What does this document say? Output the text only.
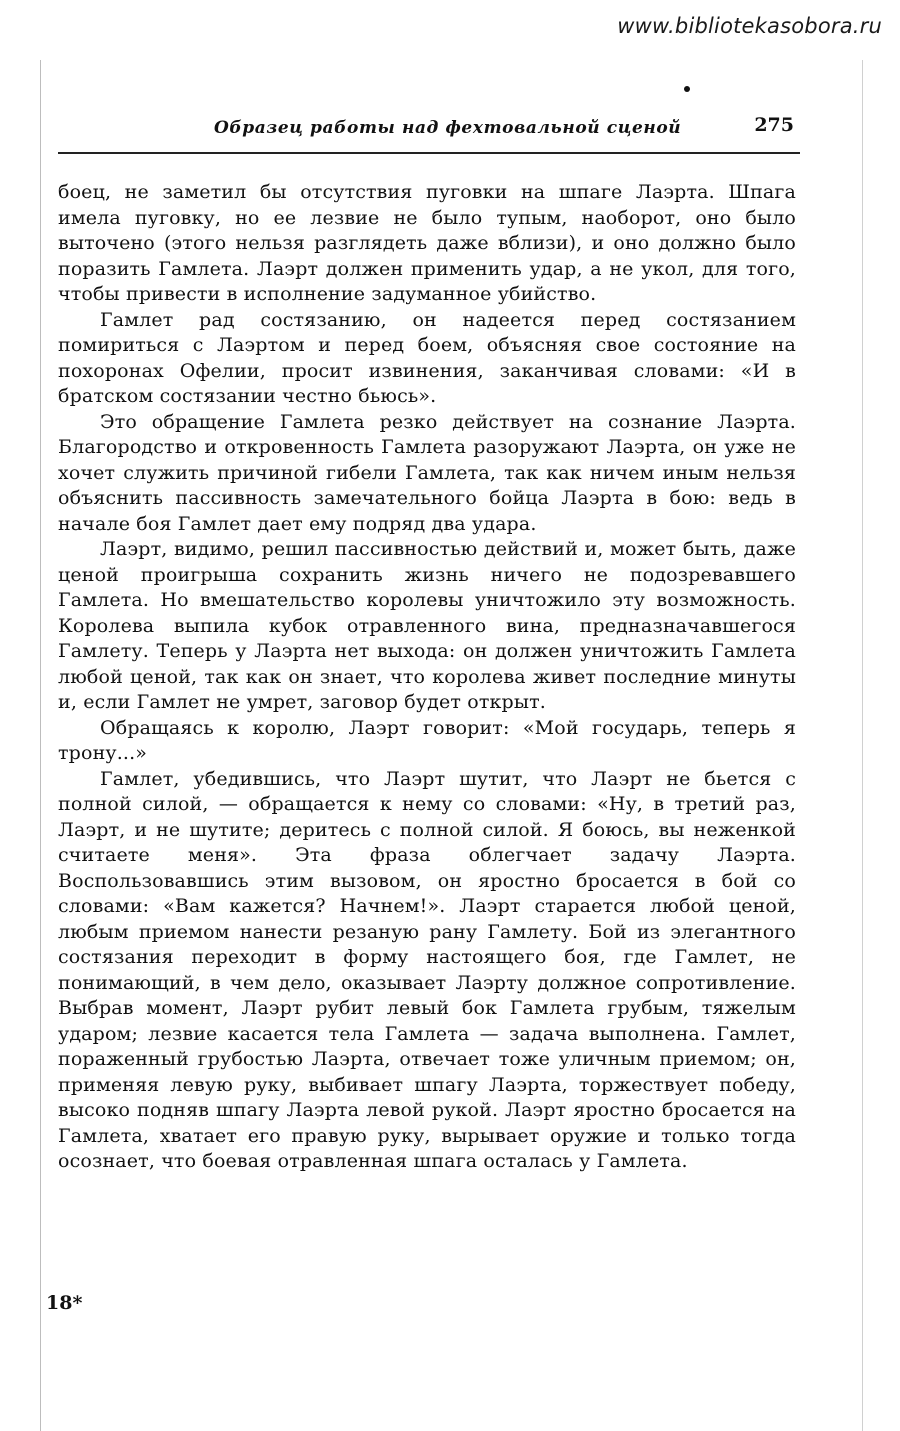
www.bibliotekasobora.ru
Образец работы над фехтовальной сценой	275

боец, не заметил бы отсутствия пуговки на шпаге Лаэрта. Шпага имела пуговку, но ее лезвие не было тупым, наоборот, оно было выточено (этого нельзя разглядеть даже вблизи), и оно должно было поразить Гамлета. Лаэрт должен применить удар, а не укол, для того, чтобы привести в исполнение задуманное убийство.

Гамлет рад состязанию, он надеется перед состязанием помириться с Лаэртом и перед боем, объясняя свое состояние на похоронах Офелии, просит извинения, заканчивая словами: «И в братском состязании честно бьюсь».

Это обращение Гамлета резко действует на сознание Лаэрта. Благородство и откровенность Гамлета разоружают Лаэрта, он уже не хочет служить причиной гибели Гамлета, так как ничем иным нельзя объяснить пассивность замечательного бойца Лаэрта в бою: ведь в начале боя Гамлет дает ему подряд два удара.

Лаэрт, видимо, решил пассивностью действий и, может быть, даже ценой проигрыша сохранить жизнь ничего не подозревавшего Гамлета. Но вмешательство королевы уничтожило эту возможность. Королева выпила кубок отравленного вина, предназначавшегося Гамлету. Теперь у Лаэрта нет выхода: он должен уничтожить Гамлета любой ценой, так как он знает, что королева живет последние минуты и, если Гамлет не умрет, заговор будет открыт.

Обращаясь к королю, Лаэрт говорит: «Мой государь, теперь я трону...»

Гамлет, убедившись, что Лаэрт шутит, что Лаэрт не бьется с полной силой, — обращается к нему со словами: «Ну, в третий раз, Лаэрт, и не шутите; деритесь с полной силой. Я боюсь, вы неженкой считаете меня». Эта фраза облегчает задачу Лаэрта. Воспользовавшись этим вызовом, он яростно бросается в бой со словами: «Вам кажется? Начнем!». Лаэрт старается любой ценой, любым приемом нанести резаную рану Гамлету. Бой из элегантного состязания переходит в форму настоящего боя, где Гамлет, не понимающий, в чем дело, оказывает Лаэрту должное сопротивление. Выбрав момент, Лаэрт рубит левый бок Гамлета грубым, тяжелым ударом; лезвие касается тела Гамлета — задача выполнена. Гамлет, пораженный грубостью Лаэрта, отвечает тоже уличным приемом; он, применяя левую руку, выбивает шпагу Лаэрта, торжествует победу, высоко подняв шпагу Лаэрта левой рукой. Лаэрт яростно бросается на Гамлета, хватает его правую руку, вырывает оружие и только тогда осознает, что боевая отравленная шпага осталась у Гамлета.

18*
